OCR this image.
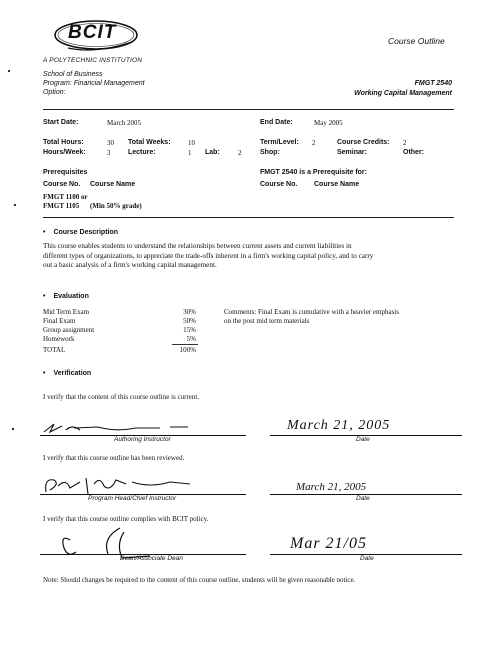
BCIT
A POLYTECHNIC INSTITUTION
Course Outline
School of Business
Program: Financial Management
Option:
FMGT 2540
Working Capital Management
Start Date:	March 2005	End Date:	May 2005
Total Hours:	30 Total Weeks: 10	Term/Level: 2	Course Credits: 2
Hours/Week:	3	Lecture:	1 Lab:	2	Shop:	Seminar:	Other:
Prerequisites
Course No. Course Name
FMGT 1100 or
FMGT 1105 (Min 50% grade)
FMGT 2540 is a Prerequisite for:
Course No. Course Name
• Course Description
This course enables students to understand the relationships between current assets and current liabilities in
different types of organizations, to appreciate the trade-offs inherent in a firm's working capital policy, and to carry
out a basic analysis of a firm's working capital management.
• Evaluation
Mid Term Exam	30%
Final Exam	50%
Group assignment	15%
Homework	5%
TOTAL	100%
Comments: Final Exam is cumulative with a heavier emphasis
on the post mid term materials
• Verification
I verify that the content of this course outline is current.
Authoring Instructor
March 21, 2005
Date
I verify that this course outline has been reviewed.
Program Head/Chief Instructor
March 21, 2005
Date
I verify that this course outline complies with BCIT policy.
Dean/Associate Dean
Mar 21/05
Date
Note: Should changes be required to the content of this course outline, students will be given reasonable notice.
